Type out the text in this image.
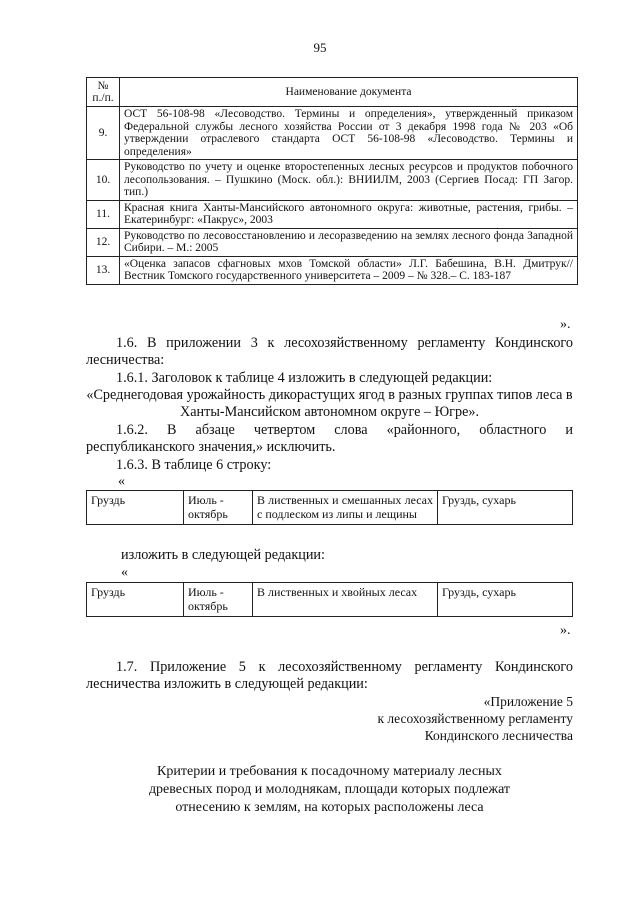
95
№ п./п.	Наименование документа
9.	ОСТ 56-108-98 «Лесоводство. Термины и определения», утвержденный приказом Федеральной службы лесного хозяйства России от 3 декабря 1998 года № 203 «Об утверждении отраслевого стандарта ОСТ 56-108-98 «Лесоводство. Термины и определения»
10.	Руководство по учету и оценке второстепенных лесных ресурсов и продуктов побочного лесопользования. – Пушкино (Моск. обл.): ВНИИЛМ, 2003 (Сергиев Посад: ГП Загор. тип.)
11.	Красная книга Ханты-Мансийского автономного округа: животные, растения, грибы. – Екатеринбург: «Пакрус», 2003
12.	Руководство по лесовосстановлению и лесоразведению на землях лесного фонда Западной Сибири. – М.: 2005
13.	«Оценка запасов сфагновых мхов Томской области» Л.Г. Бабешина, В.Н. Дмитрук// Вестник Томского государственного университета – 2009 – № 328.– С. 183-187
».

1.6. В приложении 3 к лесохозяйственному регламенту Кондинского лесничества:

1.6.1. Заголовок к таблице 4 изложить в следующей редакции:

«Среднегодовая урожайность дикорастущих ягод в разных группах типов леса в Ханты-Мансийском автономном округе – Югре».

1.6.2. В абзаце четвертом слова «районного, областного и республиканского значения,» исключить.

1.6.3. В таблице 6 строку:

«
Груздь	Июль - октябрь	В лиственных и смешанных лесах с подлеском из липы и лещины	Груздь, сухарь

изложить в следующей редакции:

«
Груздь	Июль - октябрь	В лиственных и хвойных лесах	Груздь, сухарь
».

1.7. Приложение 5 к лесохозяйственному регламенту Кондинского лесничества изложить в следующей редакции:

«Приложение 5
к лесохозяйственному регламенту
Кондинского лесничества
Критерии и требования к посадочному материалу лесных
древесных пород и молоднякам, площади которых подлежат
отнесению к землям, на которых расположены леса
